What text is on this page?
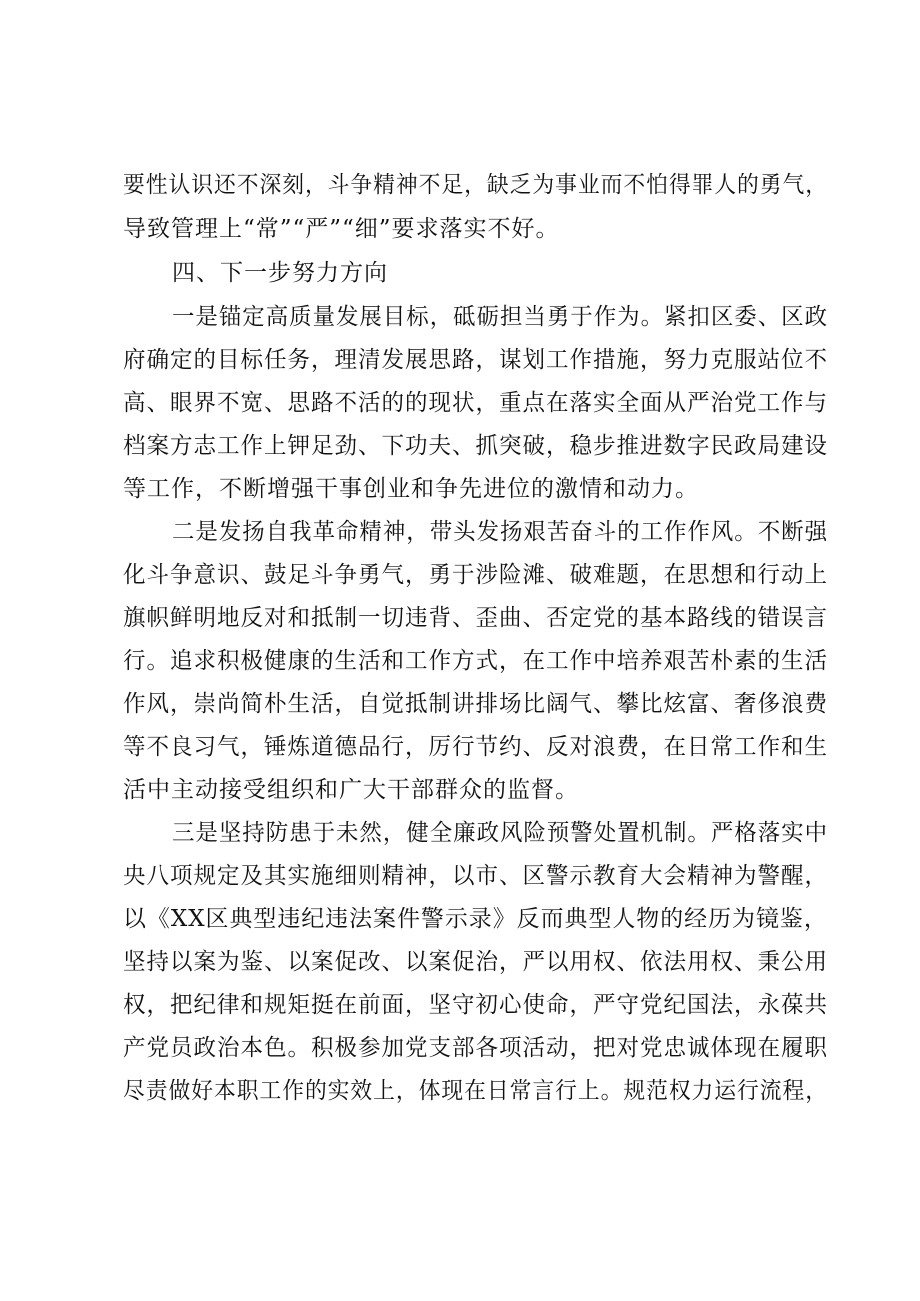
要性认识还不深刻，斗争精神不足，缺乏为事业而不怕得罪人的勇气，

导致管理上“常”“严”“细”要求落实不好。

四、下一步努力方向

一是锚定高质量发展目标，砥砺担当勇于作为。紧扣区委、区政

府确定的目标任务，理清发展思路，谋划工作措施，努力克服站位不

高、眼界不宽、思路不活的的现状，重点在落实全面从严治党工作与

档案方志工作上钾足劲、下功夫、抓突破，稳步推进数字民政局建设

等工作，不断增强干事创业和争先进位的激情和动力。

二是发扬自我革命精神，带头发扬艰苦奋斗的工作作风。不断强

化斗争意识、鼓足斗争勇气，勇于涉险滩、破难题，在思想和行动上

旗帜鲜明地反对和抵制一切违背、歪曲、否定党的基本路线的错误言

行。追求积极健康的生活和工作方式，在工作中培养艰苦朴素的生活

作风，崇尚简朴生活，自觉抵制讲排场比阔气、攀比炫富、奢侈浪费

等不良习气，锤炼道德品行，厉行节约、反对浪费，在日常工作和生

活中主动接受组织和广大干部群众的监督。

三是坚持防患于未然，健全廉政风险预警处置机制。严格落实中

央八项规定及其实施细则精神，以市、区警示教育大会精神为警醒，

以《XX区典型违纪违法案件警示录》反而典型人物的经历为镜鉴，

坚持以案为鉴、以案促改、以案促治，严以用权、依法用权、秉公用

权，把纪律和规矩挺在前面，坚守初心使命，严守党纪国法，永葆共

产党员政治本色。积极参加党支部各项活动，把对党忠诚体现在履职

尽责做好本职工作的实效上，体现在日常言行上。规范权力运行流程，
